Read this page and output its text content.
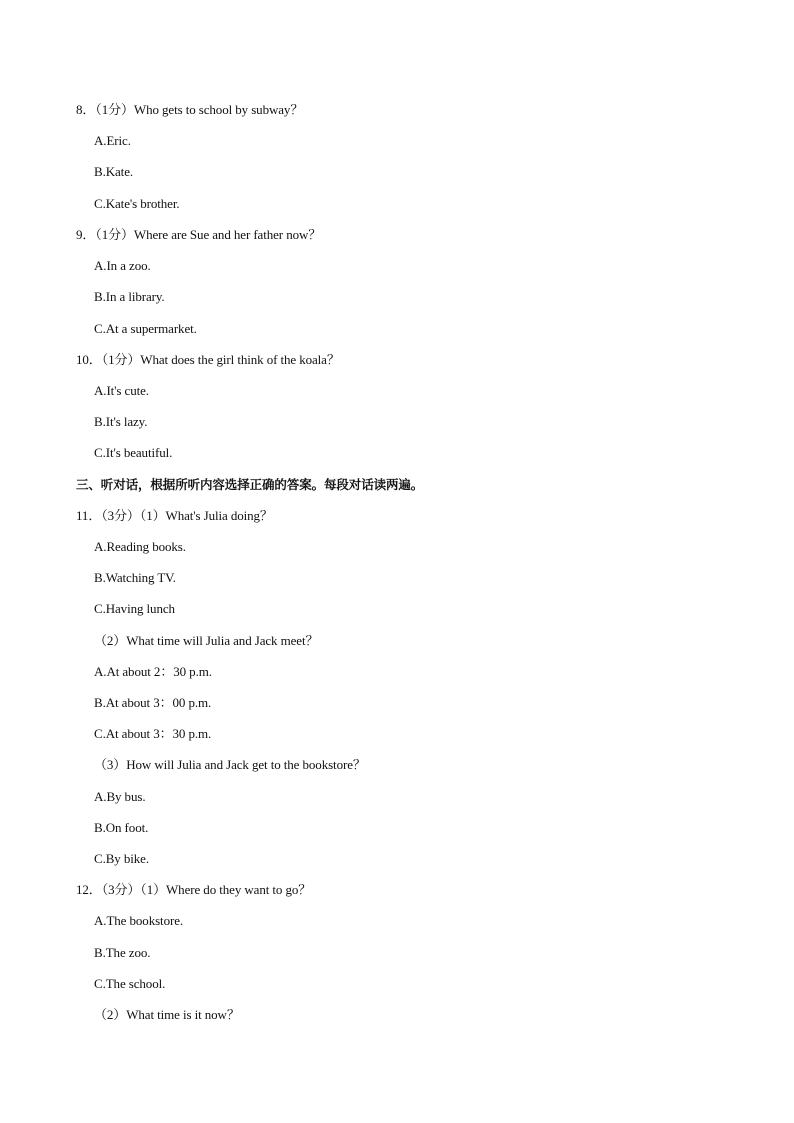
8．（1分）Who gets to school by subway？
A.Eric.
B.Kate.
C.Kate's brother.
9．（1分）Where are Sue and her father now？
A.In a zoo.
B.In a library.
C.At a supermarket.
10．（1分）What does the girl think of the koala？
A.It's cute.
B.It's lazy.
C.It's beautiful.
三、听对话，根据所听内容选择正确的答案。每段对话读两遍。
11．（3分）（1）What's Julia doing？
A.Reading books.
B.Watching TV.
C.Having lunch
（2）What time will Julia and Jack meet？
A.At about 2：30 p.m.
B.At about 3：00 p.m.
C.At about 3：30 p.m.
（3）How will Julia and Jack get to the bookstore？
A.By bus.
B.On foot.
C.By bike.
12．（3分）（1）Where do they want to go？
A.The bookstore.
B.The zoo.
C.The school.
（2）What time is it now？
